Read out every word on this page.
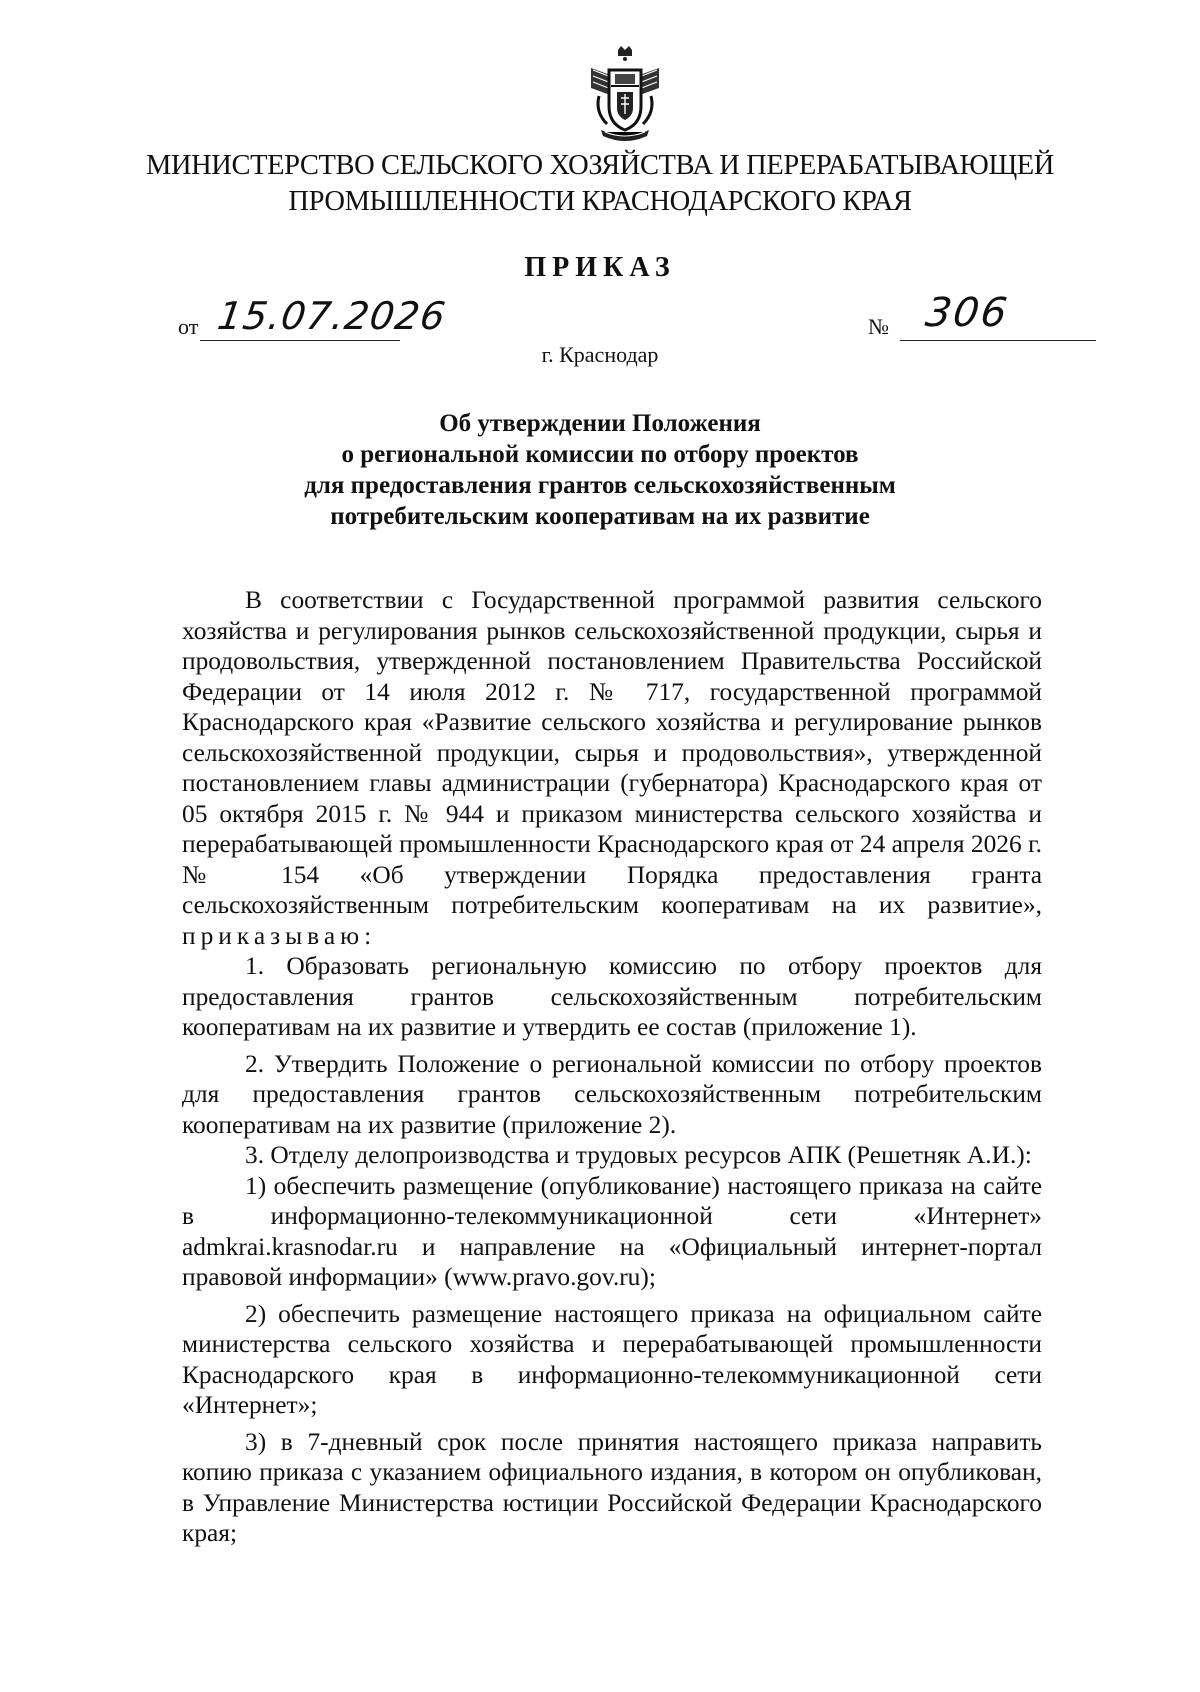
МИНИСТЕРСТВО СЕЛЬСКОГО ХОЗЯЙСТВА И ПЕРЕРАБАТЫВАЮЩЕЙ
ПРОМЫШЛЕННОСТИ КРАСНОДАРСКОГО КРАЯ
ПРИКАЗ
от 15.07.2026	№ 306
г. Краснодар
Об утверждении Положения
о региональной комиссии по отбору проектов
для предоставления грантов сельскохозяйственным
потребительским кооперативам на их развитие

В соответствии с Государственной программой развития сельского хозяйства и регулирования рынков сельскохозяйственной продукции, сырья и продовольствия, утвержденной постановлением Правительства Российской Федерации от 14 июля 2012 г. № 717, государственной программой Краснодарского края «Развитие сельского хозяйства и регулирование рынков сельскохозяйственной продукции, сырья и продовольствия», утвержденной постановлением главы администрации (губернатора) Краснодарского края от 05 октября 2015 г. № 944 и приказом министерства сельского хозяйства и перерабатывающей промышленности Краснодарского края от 24 апреля 2026 г. № 154 «Об утверждении Порядка предоставления гранта сельскохозяйственным потребительским кооперативам на их развитие», приказываю:

1. Образовать региональную комиссию по отбору проектов для предоставления грантов сельскохозяйственным потребительским кооперативам на их развитие и утвердить ее состав (приложение 1).

2. Утвердить Положение о региональной комиссии по отбору проектов для предоставления грантов сельскохозяйственным потребительским кооперативам на их развитие (приложение 2).

3. Отделу делопроизводства и трудовых ресурсов АПК (Решетняк А.И.):

1) обеспечить размещение (опубликование) настоящего приказа на сайте в информационно-телекоммуникационной сети «Интернет» admkrai.krasnodar.ru и направление на «Официальный интернет-портал правовой информации» (www.pravo.gov.ru);

2) обеспечить размещение настоящего приказа на официальном сайте министерства сельского хозяйства и перерабатывающей промышленности Краснодарского края в информационно-телекоммуникационной сети «Интернет»;

3) в 7-дневный срок после принятия настоящего приказа направить копию приказа с указанием официального издания, в котором он опубликован, в Управление Министерства юстиции Российской Федерации Краснодарского края;
